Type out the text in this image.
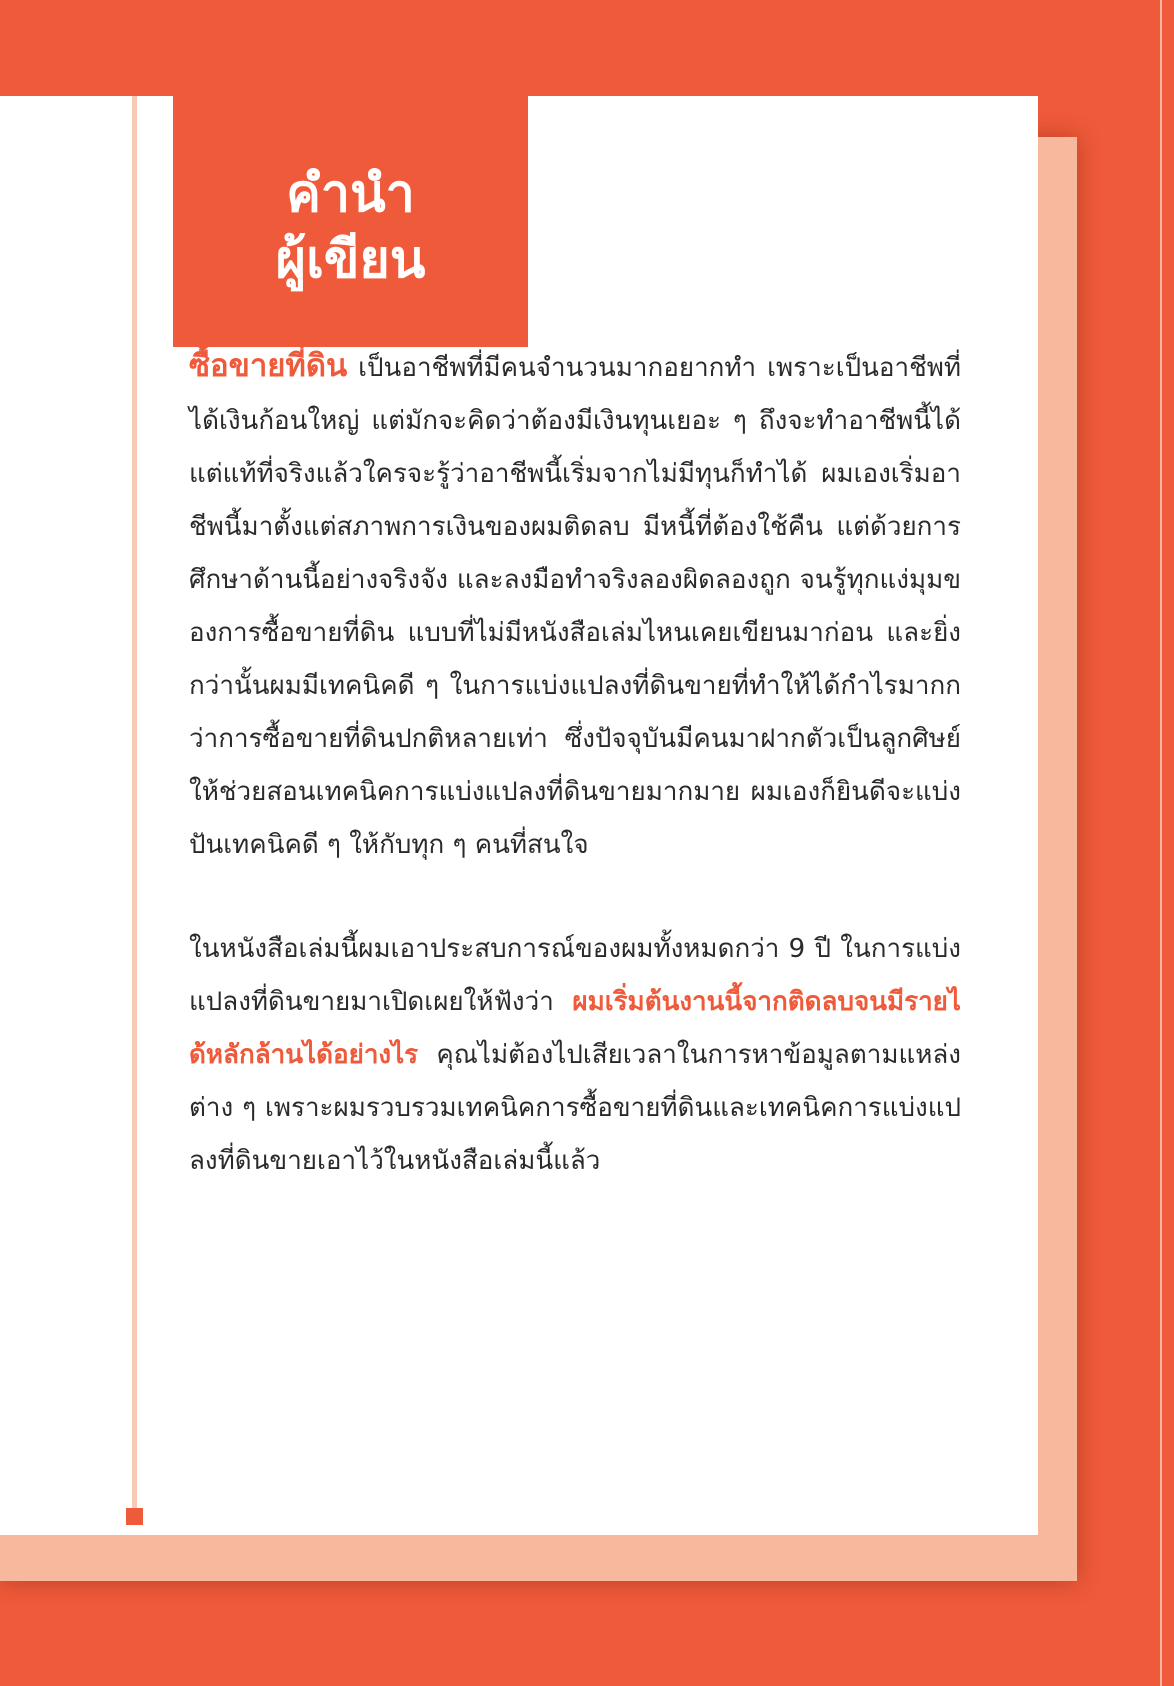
คำนำ
ผู้เขียน

ซื้อขายที่ดิน เป็นอาชีพที่มีคนจำนวนมากอยากทำ เพราะเป็นอาชีพที่ได้เงินก้อนใหญ่ แต่มักจะคิดว่าต้องมีเงินทุนเยอะ ๆ ถึงจะทำอาชีพนี้ได้ แต่แท้ที่จริงแล้วใครจะรู้ว่าอาชีพนี้เริ่มจากไม่มีทุนก็ทำได้ ผมเองเริ่มอาชีพนี้มาตั้งแต่สภาพการเงินของผมติดลบ มีหนี้ที่ต้องใช้คืน แต่ด้วยการศึกษาด้านนี้อย่างจริงจัง และลงมือทำจริงลองผิดลองถูก จนรู้ทุกแง่มุมของการซื้อขายที่ดิน แบบที่ไม่มีหนังสือเล่มไหนเคยเขียนมาก่อน และยิ่งกว่านั้นผมมีเทคนิคดี ๆ ในการแบ่งแปลงที่ดินขายที่ทำให้ได้กำไรมากกว่าการซื้อขายที่ดินปกติหลายเท่า ซึ่งปัจจุบันมีคนมาฝากตัวเป็นลูกศิษย์ให้ช่วยสอนเทคนิคการแบ่งแปลงที่ดินขายมากมาย ผมเองก็ยินดีจะแบ่งปันเทคนิคดี ๆ ให้กับทุก ๆ คนที่สนใจ

ในหนังสือเล่มนี้ผมเอาประสบการณ์ของผมทั้งหมดกว่า 9 ปี ในการแบ่งแปลงที่ดินขายมาเปิดเผยให้ฟังว่า ผมเริ่มต้นงานนี้จากติดลบจนมีรายได้หลักล้านได้อย่างไร คุณไม่ต้องไปเสียเวลาในการหาข้อมูลตามแหล่งต่าง ๆ เพราะผมรวบรวมเทคนิคการซื้อขายที่ดินและเทคนิคการแบ่งแปลงที่ดินขายเอาไว้ในหนังสือเล่มนี้แล้ว
